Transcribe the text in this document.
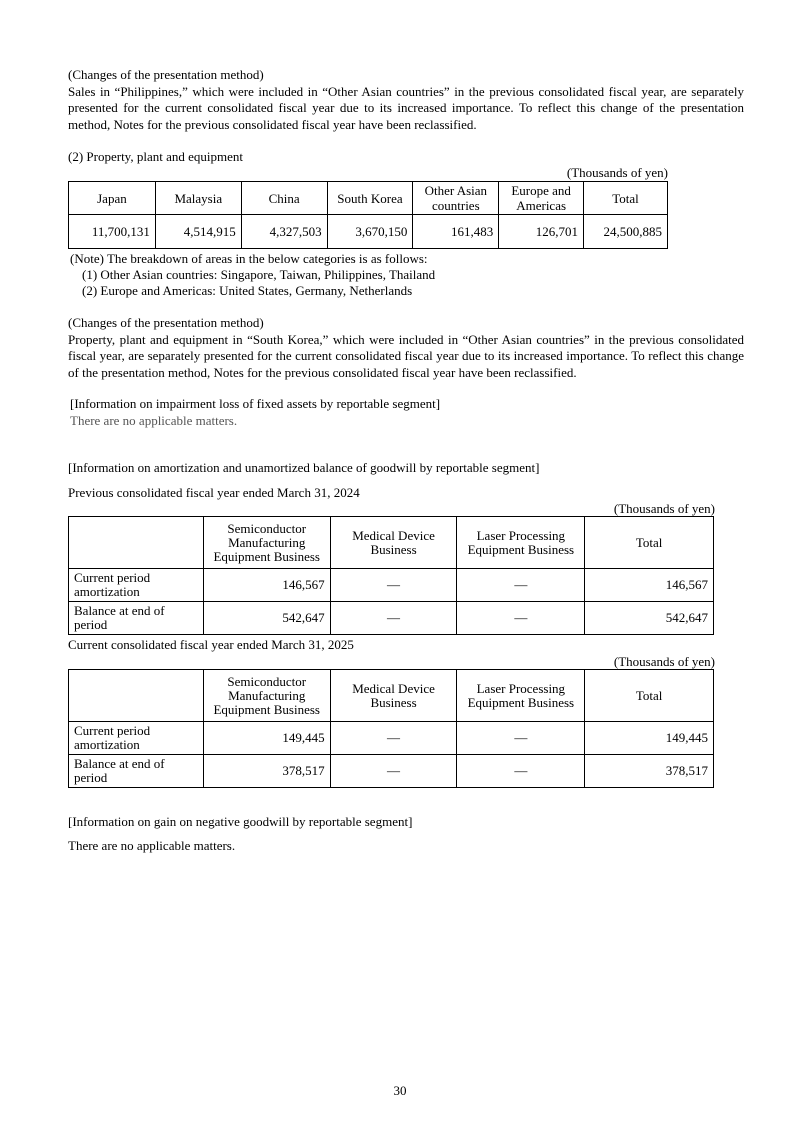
(Changes of the presentation method)
Sales in “Philippines,” which were included in “Other Asian countries” in the previous consolidated fiscal year, are separately presented for the current consolidated fiscal year due to its increased importance. To reflect this change of the presentation method, Notes for the previous consolidated fiscal year have been reclassified.
(2) Property, plant and equipment
(Thousands of yen)
Japan	Malaysia	China	South Korea	Other Asian countries	Europe and Americas	Total
11,700,131	4,514,915	4,327,503	3,670,150	161,483	126,701	24,500,885
(Note) The breakdown of areas in the below categories is as follows:
(1) Other Asian countries: Singapore, Taiwan, Philippines, Thailand
(2) Europe and Americas: United States, Germany, Netherlands
(Changes of the presentation method)
Property, plant and equipment in “South Korea,” which were included in “Other Asian countries” in the previous consolidated fiscal year, are separately presented for the current consolidated fiscal year due to its increased importance. To reflect this change of the presentation method, Notes for the previous consolidated fiscal year have been reclassified.
[Information on impairment loss of fixed assets by reportable segment]
There are no applicable matters.
[Information on amortization and unamortized balance of goodwill by reportable segment]
Previous consolidated fiscal year ended March 31, 2024
(Thousands of yen)
	Semiconductor Manufacturing Equipment Business	Medical Device Business	Laser Processing Equipment Business	Total
Current period amortization	146,567	—	—	146,567
Balance at end of period	542,647	—	—	542,647
Current consolidated fiscal year ended March 31, 2025
(Thousands of yen)
	Semiconductor Manufacturing Equipment Business	Medical Device Business	Laser Processing Equipment Business	Total
Current period amortization	149,445	—	—	149,445
Balance at end of period	378,517	—	—	378,517
[Information on gain on negative goodwill by reportable segment]
There are no applicable matters.
30
